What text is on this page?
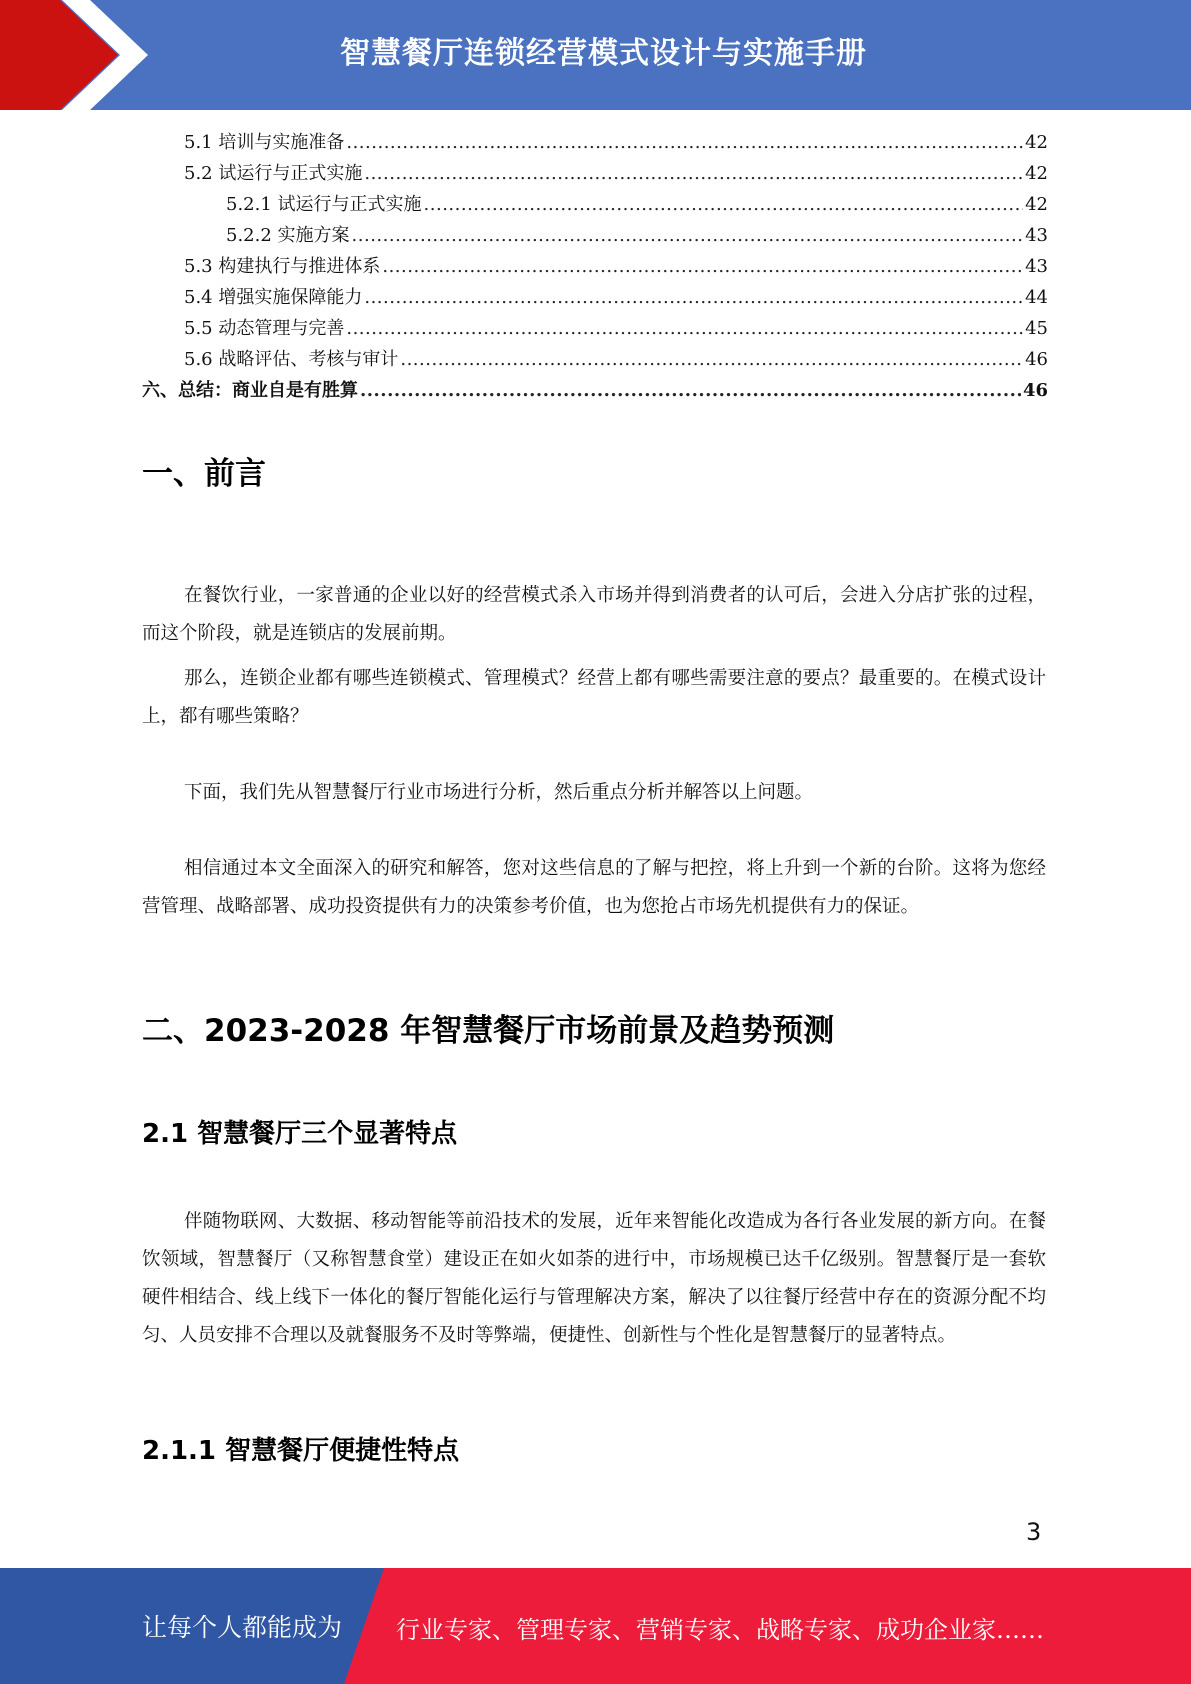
智慧餐厅连锁经营模式设计与实施手册
5.1 培训与实施准备 .....	42
5.2 试运行与正式实施 .....	42
5.2.1 试运行与正式实施 .....	42
5.2.2 实施方案 .....	43
5.3 构建执行与推进体系 .....	43
5.4 增强实施保障能力 .....	44
5.5 动态管理与完善 .....	45
5.6 战略评估、考核与审计 .....	46
六、总结：商业自是有胜算 .....	46
一、前言
在餐饮行业，一家普通的企业以好的经营模式杀入市场并得到消费者的认可后，会进入分店扩张的过程，而这个阶段，就是连锁店的发展前期。
那么，连锁企业都有哪些连锁模式、管理模式？经营上都有哪些需要注意的要点？最重要的。在模式设计上，都有哪些策略？
下面，我们先从智慧餐厅行业市场进行分析，然后重点分析并解答以上问题。
相信通过本文全面深入的研究和解答，您对这些信息的了解与把控，将上升到一个新的台阶。这将为您经营管理、战略部署、成功投资提供有力的决策参考价值，也为您抢占市场先机提供有力的保证。
二、2023-2028 年智慧餐厅市场前景及趋势预测
2.1 智慧餐厅三个显著特点
伴随物联网、大数据、移动智能等前沿技术的发展，近年来智能化改造成为各行各业发展的新方向。在餐饮领域，智慧餐厅（又称智慧食堂）建设正在如火如荼的进行中，市场规模已达千亿级别。智慧餐厅是一套软硬件相结合、线上线下一体化的餐厅智能化运行与管理解决方案，解决了以往餐厅经营中存在的资源分配不均匀、人员安排不合理以及就餐服务不及时等弊端，便捷性、创新性与个性化是智慧餐厅的显著特点。
2.1.1 智慧餐厅便捷性特点
3
让每个人都能成为 行业专家、管理专家、营销专家、战略专家、成功企业家……
